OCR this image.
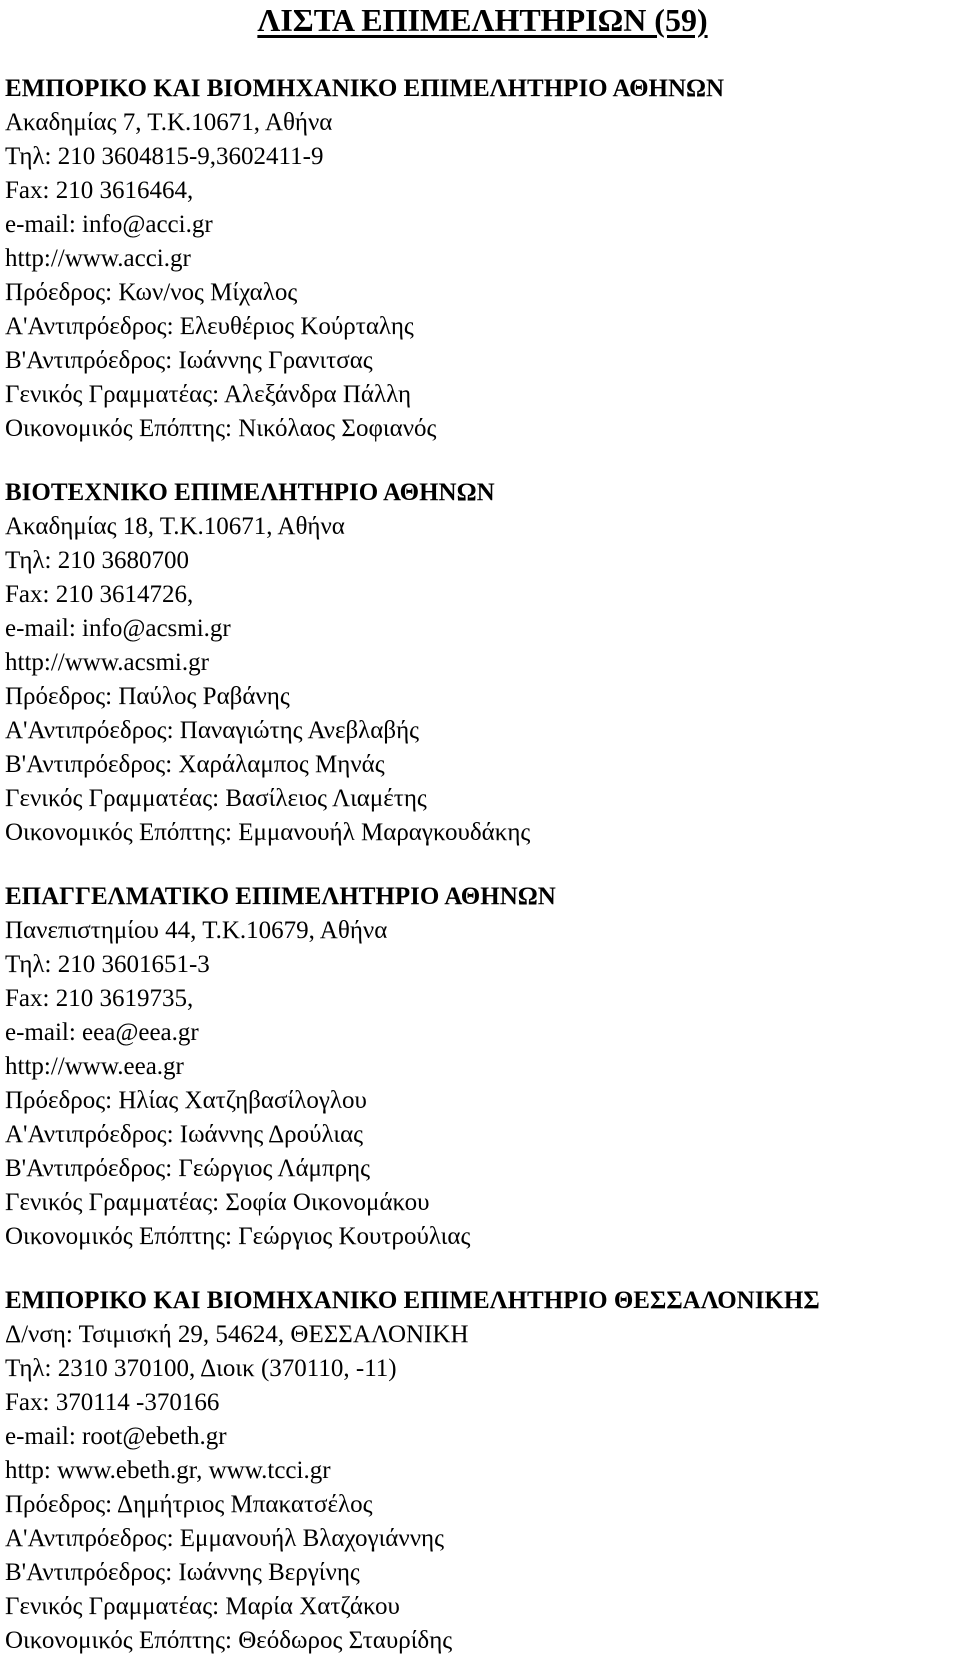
ΛΙΣΤΑ ΕΠΙΜΕΛΗΤΗΡΙΩΝ (59)
ΕΜΠΟΡΙΚΟ ΚΑΙ ΒΙΟΜΗΧΑΝΙΚΟ ΕΠΙΜΕΛΗΤΗΡΙΟ ΑΘΗΝΩΝ
Ακαδημίας 7, Τ.Κ.10671, Αθήνα
Τηλ: 210 3604815-9,3602411-9
Fax: 210 3616464,
e-mail: info@acci.gr
http://www.acci.gr
Πρόεδρος: Κων/νος Μίχαλος
Α'Αντιπρόεδρος: Ελευθέριος Κούρταλης
Β'Αντιπρόεδρος: Ιωάννης Γρανιτσας
Γενικός Γραμματέας: Αλεξάνδρα Πάλλη
Οικονομικός Επόπτης: Νικόλαος Σοφιανός
ΒΙΟΤΕΧΝΙΚΟ ΕΠΙΜΕΛΗΤΗΡΙΟ ΑΘΗΝΩΝ
Ακαδημίας 18, Τ.Κ.10671, Αθήνα
Τηλ: 210 3680700
Fax: 210 3614726,
e-mail: info@acsmi.gr
http://www.acsmi.gr
Πρόεδρος: Παύλος Ραβάνης
Α'Αντιπρόεδρος: Παναγιώτης Ανεβλαβής
Β'Αντιπρόεδρος: Χαράλαμπος Μηνάς
Γενικός Γραμματέας: Βασίλειος Λιαμέτης
Οικονομικός Επόπτης: Εμμανουήλ Μαραγκουδάκης
ΕΠΑΓΓΕΛΜΑΤΙΚΟ ΕΠΙΜΕΛΗΤΗΡΙΟ ΑΘΗΝΩΝ
Πανεπιστημίου 44, Τ.Κ.10679, Αθήνα
Τηλ: 210 3601651-3
Fax: 210 3619735,
e-mail: eea@eea.gr
http://www.eea.gr
Πρόεδρος: Ηλίας Χατζηβασίλογλου
Α'Αντιπρόεδρος: Ιωάννης Δρούλιας
Β'Αντιπρόεδρος: Γεώργιος Λάμπρης
Γενικός Γραμματέας: Σοφία Οικονομάκου
Οικονομικός Επόπτης: Γεώργιος Κουτρούλιας
ΕΜΠΟΡΙΚΟ ΚΑΙ ΒΙΟΜΗΧΑΝΙΚΟ ΕΠΙΜΕΛΗΤΗΡΙΟ ΘΕΣΣΑΛΟΝΙΚΗΣ
Δ/νση: Τσιμισκή 29, 54624, ΘΕΣΣΑΛΟΝΙΚΗ
Τηλ: 2310 370100, Διοικ (370110, -11)
Fax: 370114 -370166
e-mail: root@ebeth.gr
http: www.ebeth.gr, www.tcci.gr
Πρόεδρος: Δημήτριος Μπακατσέλος
Α'Αντιπρόεδρος: Εμμανουήλ Βλαχογιάννης
Β'Αντιπρόεδρος: Ιωάννης Βεργίνης
Γενικός Γραμματέας: Μαρία Χατζάκου
Οικονομικός Επόπτης: Θεόδωρος Σταυρίδης
